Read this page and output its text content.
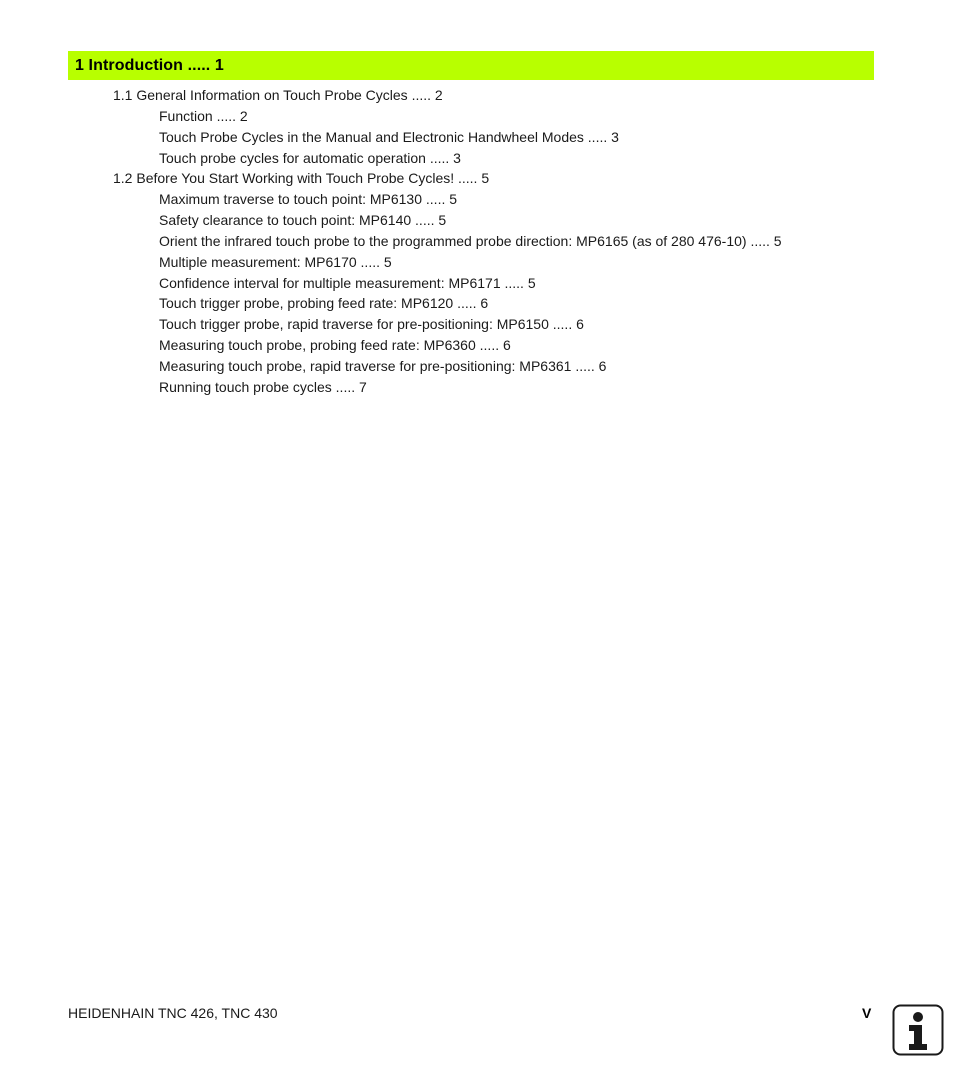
1 Introduction ..... 1
1.1 General Information on Touch Probe Cycles ..... 2
Function ..... 2
Touch Probe Cycles in the Manual and Electronic Handwheel Modes ..... 3
Touch probe cycles for automatic operation ..... 3
1.2 Before You Start Working with Touch Probe Cycles! ..... 5
Maximum traverse to touch point: MP6130 ..... 5
Safety clearance to touch point: MP6140 ..... 5
Orient the infrared touch probe to the programmed probe direction: MP6165 (as of 280 476-10) ..... 5
Multiple measurement: MP6170 ..... 5
Confidence interval for multiple measurement: MP6171 ..... 5
Touch trigger probe, probing feed rate: MP6120 ..... 6
Touch trigger probe, rapid traverse for pre-positioning: MP6150 ..... 6
Measuring touch probe, probing feed rate: MP6360 ..... 6
Measuring touch probe, rapid traverse for pre-positioning: MP6361 ..... 6
Running touch probe cycles ..... 7
HEIDENHAIN TNC 426, TNC 430	V
